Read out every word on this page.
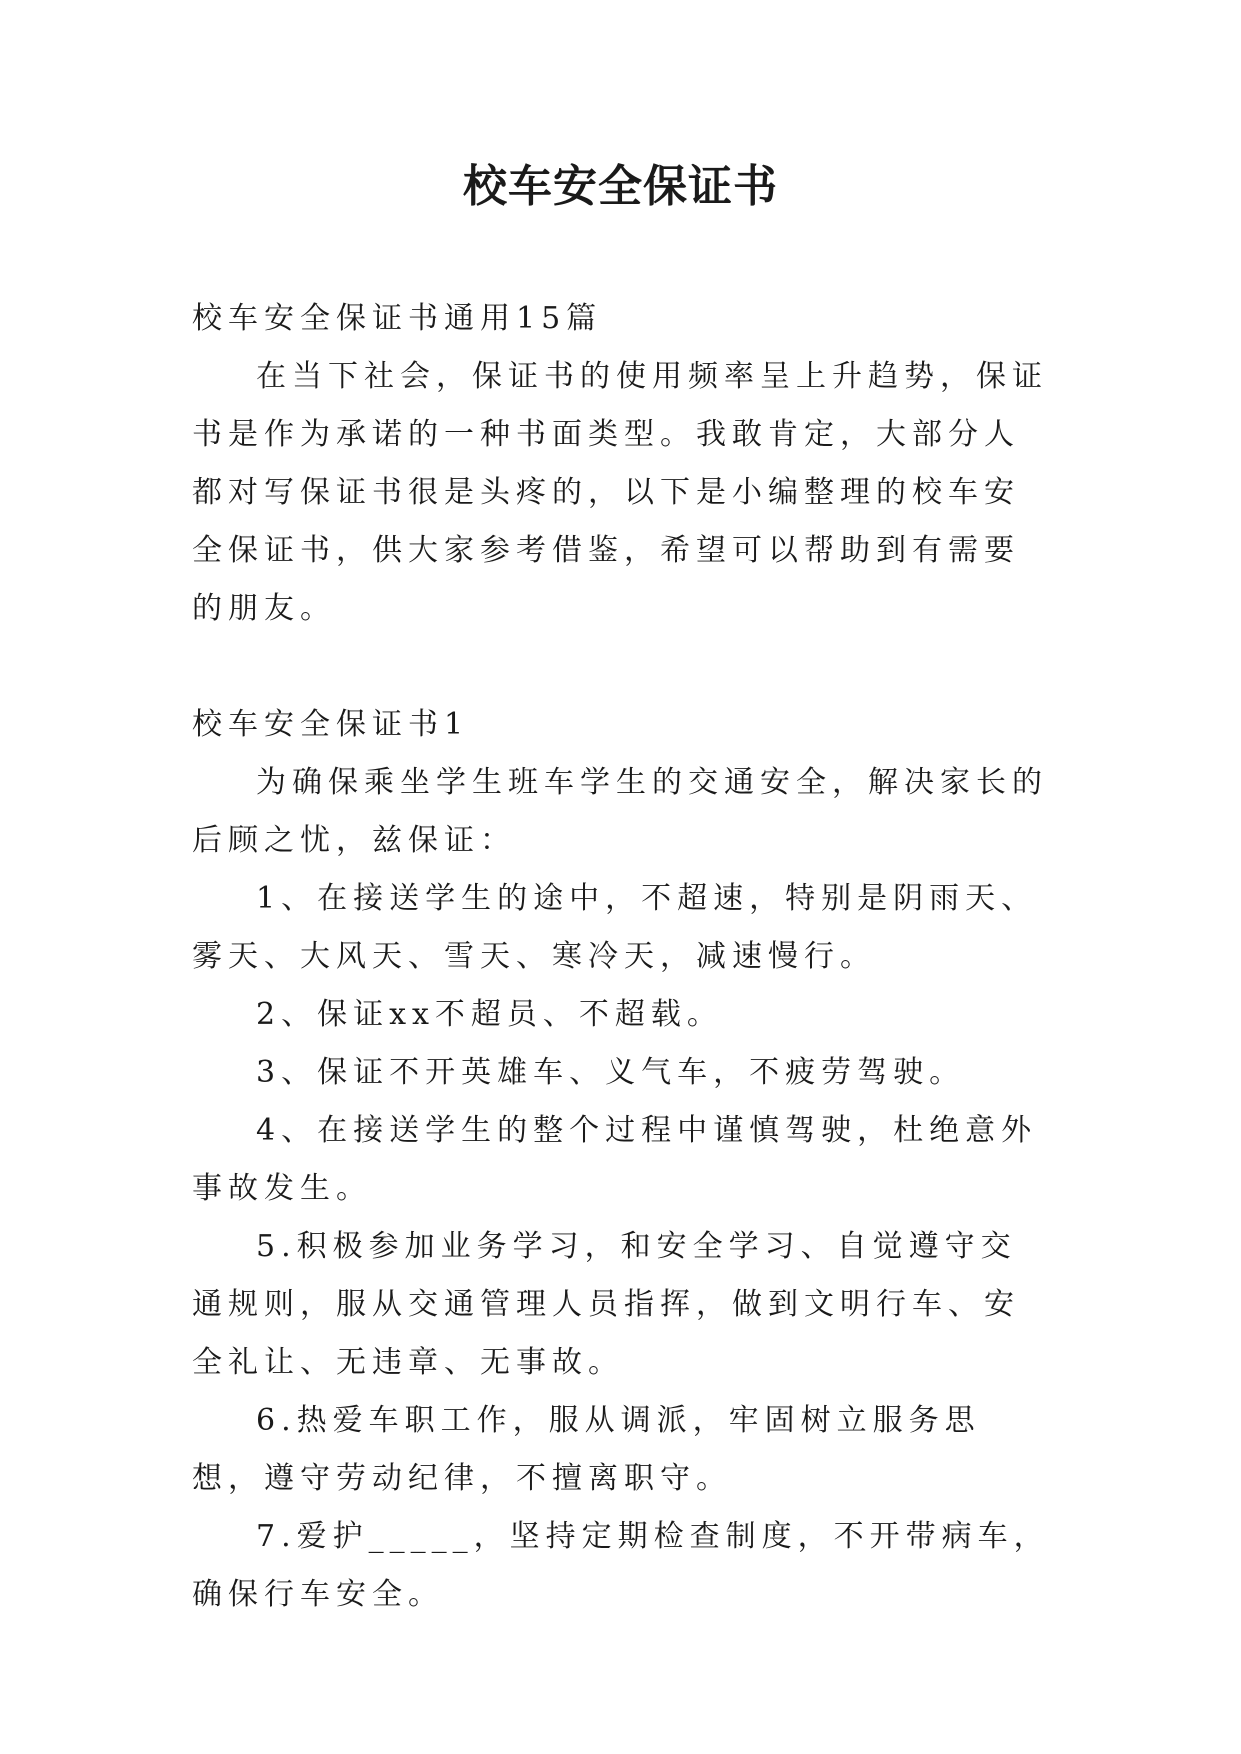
校车安全保证书

校车安全保证书通用15篇

在当下社会，保证书的使用频率呈上升趋势，保证书是作为承诺的一种书面类型。我敢肯定，大部分人都对写保证书很是头疼的，以下是小编整理的校车安全保证书，供大家参考借鉴，希望可以帮助到有需要的朋友。

校车安全保证书1

为确保乘坐学生班车学生的交通安全，解决家长的后顾之忧，兹保证：

1、在接送学生的途中，不超速，特别是阴雨天、雾天、大风天、雪天、寒冷天，减速慢行。

2、保证xx不超员、不超载。

3、保证不开英雄车、义气车，不疲劳驾驶。

4、在接送学生的整个过程中谨慎驾驶，杜绝意外事故发生。

5.积极参加业务学习，和安全学习、自觉遵守交通规则，服从交通管理人员指挥，做到文明行车、安全礼让、无违章、无事故。

6.热爱车职工作，服从调派，牢固树立服务思想，遵守劳动纪律，不擅离职守。

7.爱护_____，坚持定期检查制度，不开带病车，确保行车安全。
